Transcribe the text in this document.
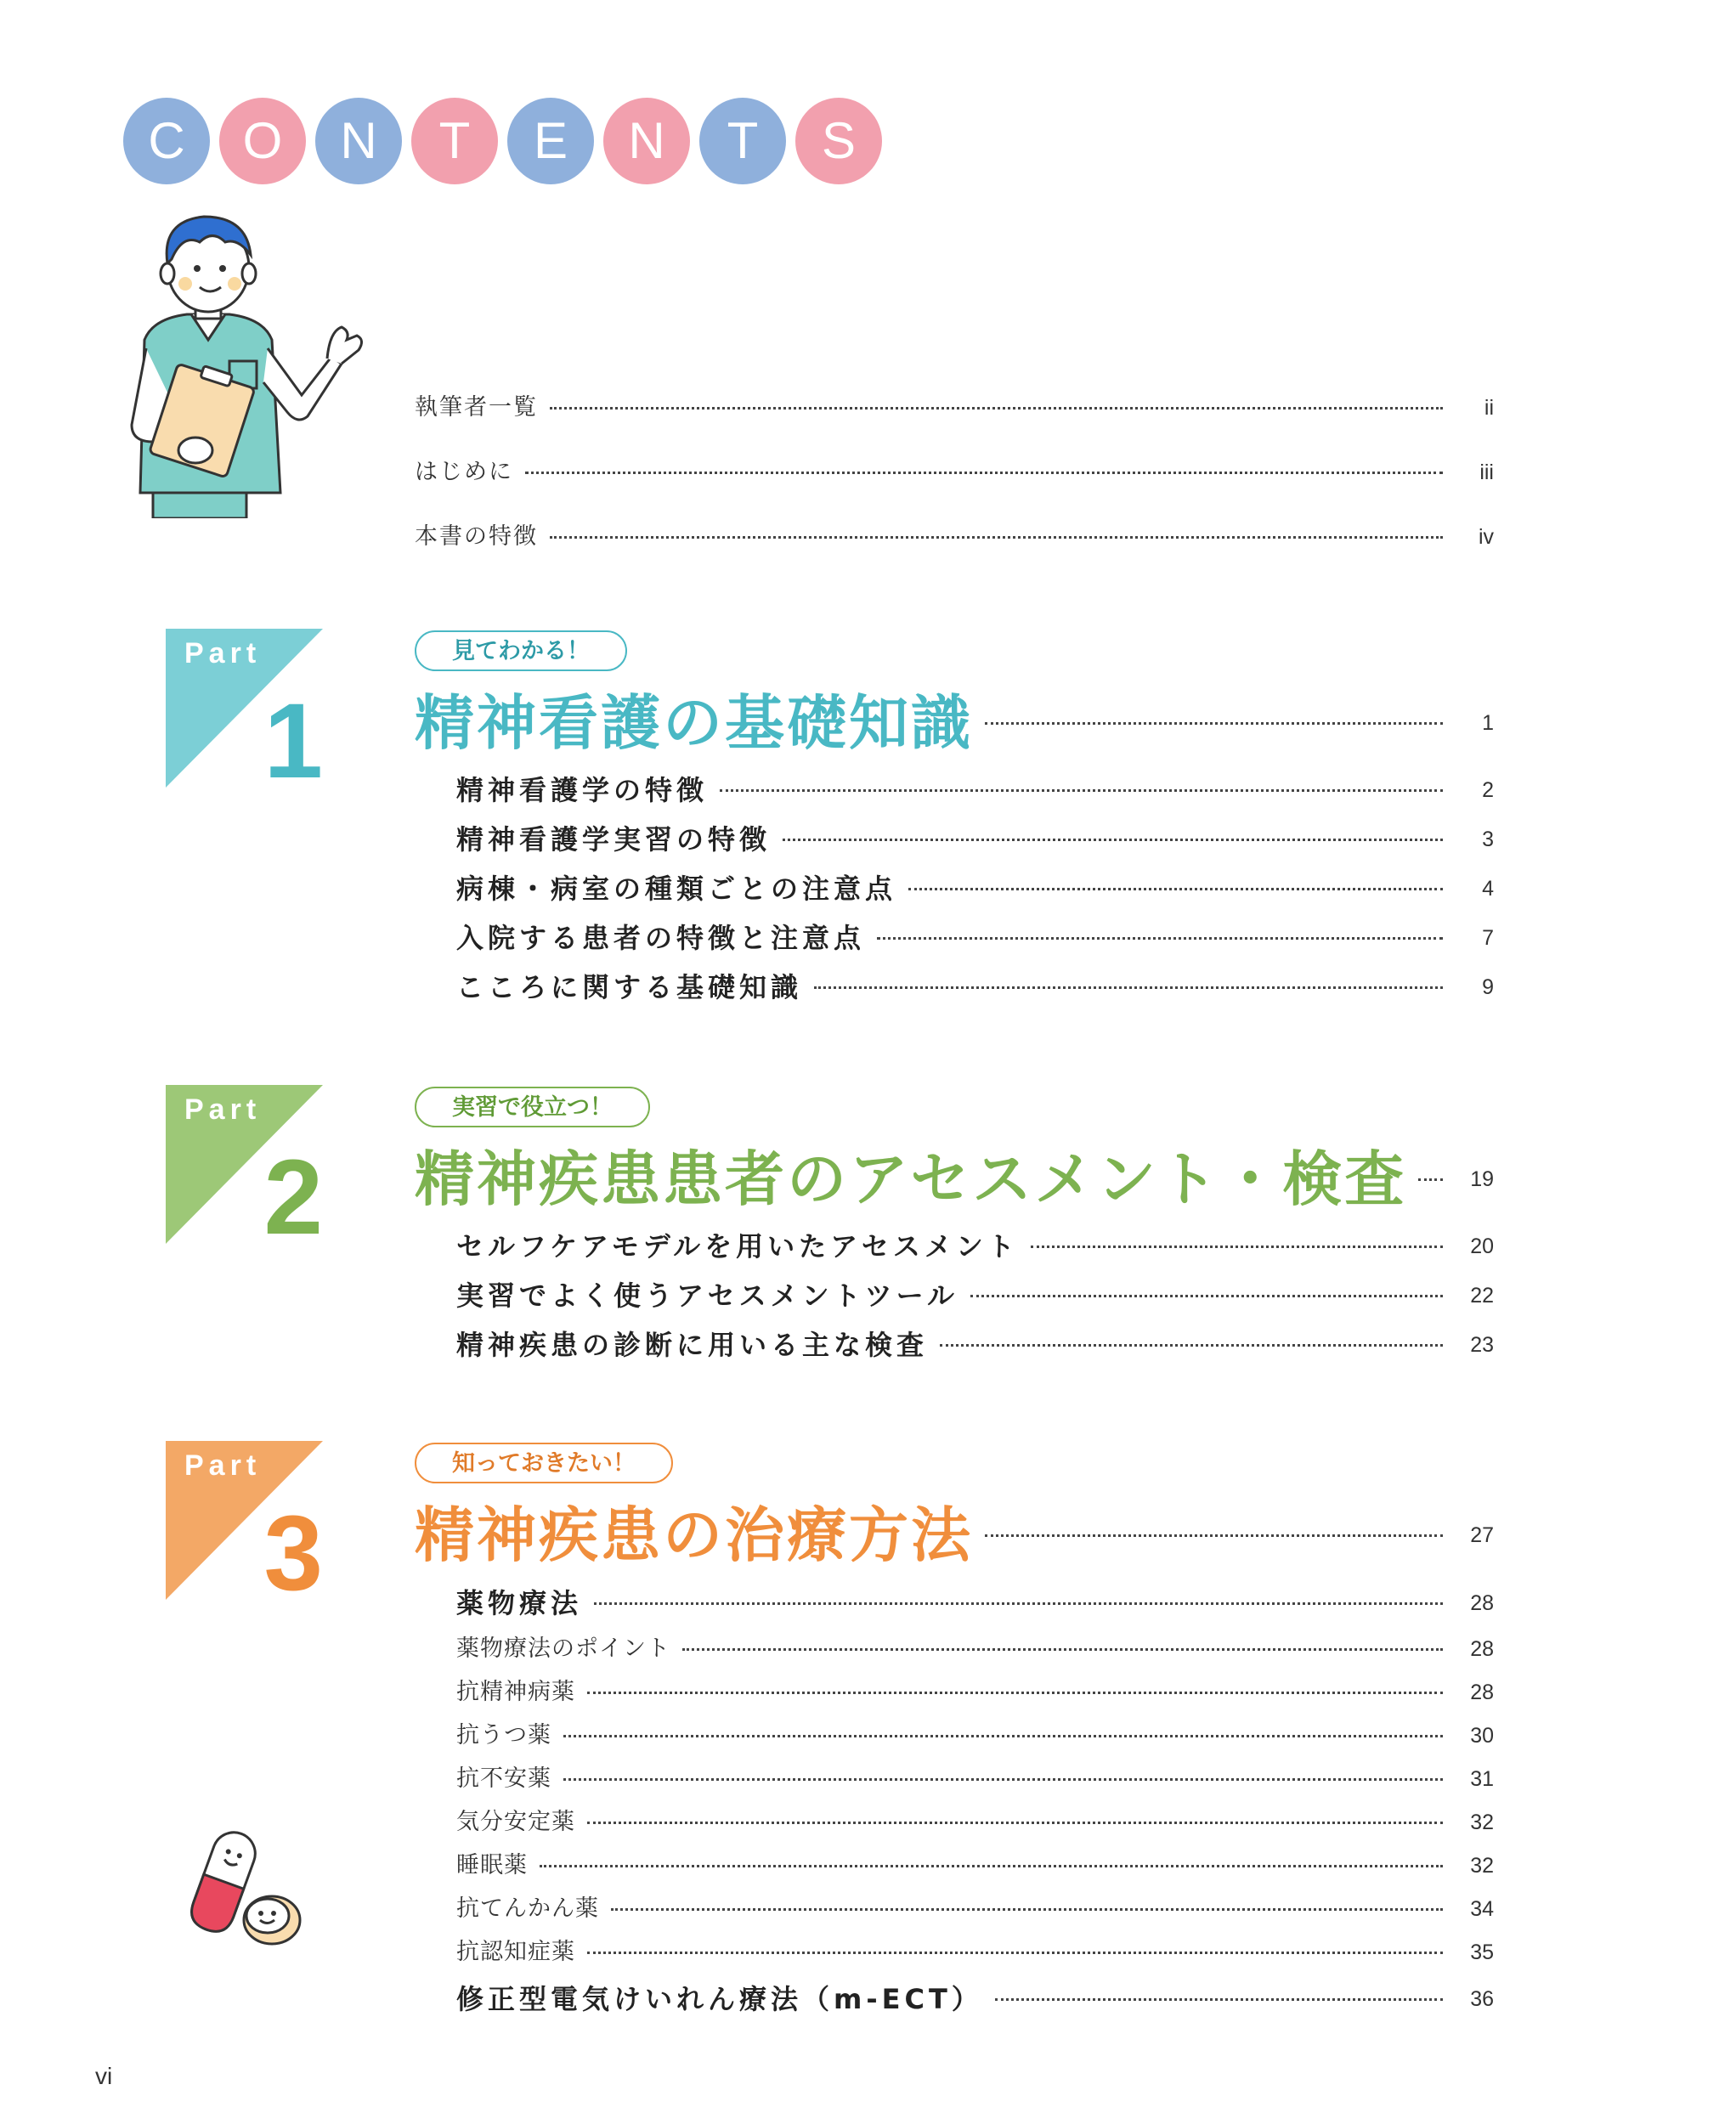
C	O	N	T	E	N	T	S
執筆者一覧	ii
はじめに	iii
本書の特徴	iv
Part
1
見てわかる！
精神看護の基礎知識	1
精神看護学の特徴	2
精神看護学実習の特徴	3
病棟・病室の種類ごとの注意点	4
入院する患者の特徴と注意点	7
こころに関する基礎知識	9
Part
2
実習で役立つ！
精神疾患患者のアセスメント・検査	19
セルフケアモデルを用いたアセスメント	20
実習でよく使うアセスメントツール	22
精神疾患の診断に用いる主な検査	23
Part
3
知っておきたい！
精神疾患の治療方法	27
薬物療法	28
薬物療法のポイント	28
抗精神病薬	28
抗うつ薬	30
抗不安薬	31
気分安定薬	32
睡眠薬	32
抗てんかん薬	34
抗認知症薬	35
修正型電気けいれん療法（m-ECT）	36
vi
